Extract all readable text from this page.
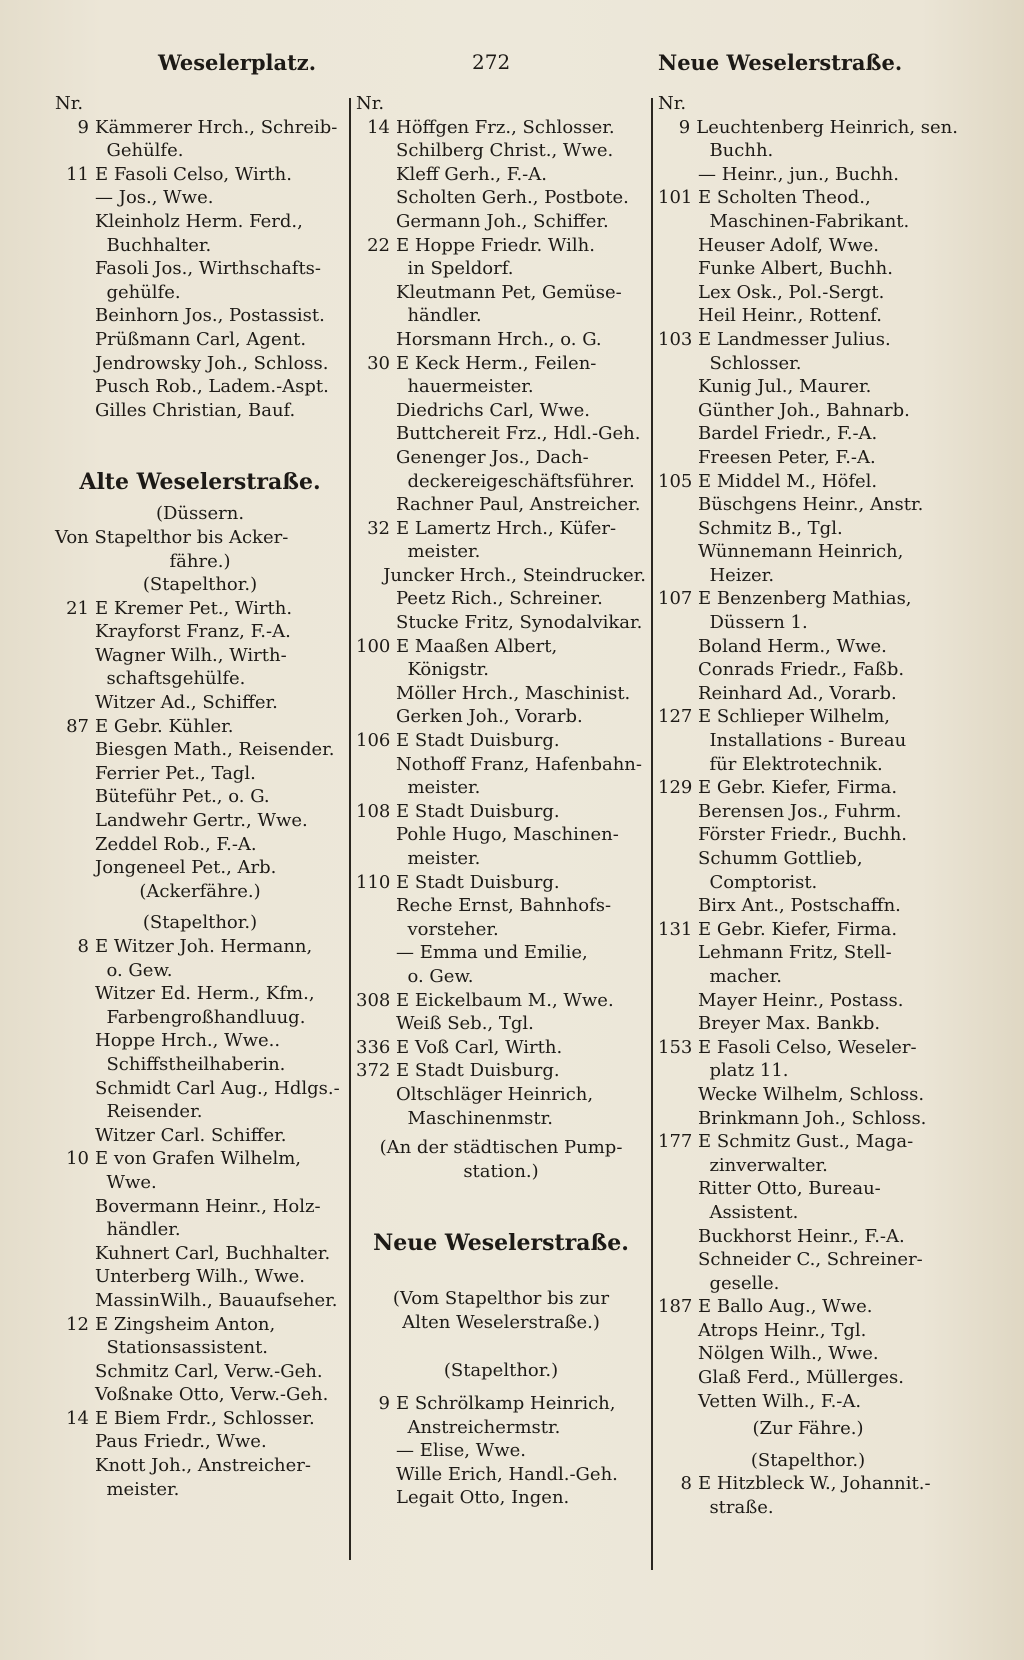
Weselerplatz.	272	Neue Weselerstraße.
Nr.
9 Kämmerer Hrch., Schreib-
Gehülfe.
11 E Fasoli Celso, Wirth.
— Jos., Wwe.
Kleinholz Herm. Ferd.,
Buchhalter.
Fasoli Jos., Wirthschafts-
gehülfe.
Beinhorn Jos., Postassist.
Prüßmann Carl, Agent.
Jendrowsky Joh., Schloss.
Pusch Rob., Ladem.-Aspt.
Gilles Christian, Bauf.
Alte Weselerstraße.
(Düssern.
Von Stapelthor bis Acker-
fähre.)
(Stapelthor.)
21 E Kremer Pet., Wirth.
Krayforst Franz, F.-A.
Wagner Wilh., Wirth-
schaftsgehülfe.
Witzer Ad., Schiffer.
87 E Gebr. Kühler.
Biesgen Math., Reisender.
Ferrier Pet., Tagl.
Büteführ Pet., o. G.
Landwehr Gertr., Wwe.
Zeddel Rob., F.-A.
Jongeneel Pet., Arb.
(Ackerfähre.)
(Stapelthor.)
8 E Witzer Joh. Hermann,
o. Gew.
Witzer Ed. Herm., Kfm.,
Farbengroßhandluug.
Hoppe Hrch., Wwe..
Schiffstheilhaberin.
Schmidt Carl Aug., Hdlgs.-
Reisender.
Witzer Carl. Schiffer.
10 E von Grafen Wilhelm,
Wwe.
Bovermann Heinr., Holz-
händler.
Kuhnert Carl, Buchhalter.
Unterberg Wilh., Wwe.
MassinWilh., Bauaufseher.
12 E Zingsheim Anton,
Stationsassistent.
Schmitz Carl, Verw.-Geh.
Voßnake Otto, Verw.-Geh.
14 E Biem Frdr., Schlosser.
Paus Friedr., Wwe.
Knott Joh., Anstreicher-
meister.
Nr.
14 Höffgen Frz., Schlosser.
Schilberg Christ., Wwe.
Kleff Gerh., F.-A.
Scholten Gerh., Postbote.
Germann Joh., Schiffer.
22 E Hoppe Friedr. Wilh.
in Speldorf.
Kleutmann Pet, Gemüse-
händler.
Horsmann Hrch., o. G.
30 E Keck Herm., Feilen-
hauermeister.
Diedrichs Carl, Wwe.
Buttchereit Frz., Hdl.-Geh.
Genenger Jos., Dach-
deckereigeschäftsführer.
Rachner Paul, Anstreicher.
32 E Lamertz Hrch., Küfer-
meister.
Juncker Hrch., Steindrucker.
Peetz Rich., Schreiner.
Stucke Fritz, Synodalvikar.
100 E Maaßen Albert,
Königstr.
Möller Hrch., Maschinist.
Gerken Joh., Vorarb.
106 E Stadt Duisburg.
Nothoff Franz, Hafenbahn-
meister.
108 E Stadt Duisburg.
Pohle Hugo, Maschinen-
meister.
110 E Stadt Duisburg.
Reche Ernst, Bahnhofs-
vorsteher.
— Emma und Emilie,
o. Gew.
308 E Eickelbaum M., Wwe.
Weiß Seb., Tgl.
336 E Voß Carl, Wirth.
372 E Stadt Duisburg.
Oltschläger Heinrich,
Maschinenmstr.
(An der städtischen Pump-
station.)
Neue Weselerstraße.
(Vom Stapelthor bis zur
Alten Weselerstraße.)
(Stapelthor.)
9 E Schrölkamp Heinrich,
Anstreichermstr.
— Elise, Wwe.
Wille Erich, Handl.-Geh.
Legait Otto, Ingen.
Nr.
9 Leuchtenberg Heinrich, sen.
Buchh.
— Heinr., jun., Buchh.
101 E Scholten Theod.,
Maschinen-Fabrikant.
Heuser Adolf, Wwe.
Funke Albert, Buchh.
Lex Osk., Pol.-Sergt.
Heil Heinr., Rottenf.
103 E Landmesser Julius.
Schlosser.
Kunig Jul., Maurer.
Günther Joh., Bahnarb.
Bardel Friedr., F.-A.
Freesen Peter, F.-A.
105 E Middel M., Höfel.
Büschgens Heinr., Anstr.
Schmitz B., Tgl.
Wünnemann Heinrich,
Heizer.
107 E Benzenberg Mathias,
Düssern 1.
Boland Herm., Wwe.
Conrads Friedr., Faßb.
Reinhard Ad., Vorarb.
127 E Schlieper Wilhelm,
Installations - Bureau
für Elektrotechnik.
129 E Gebr. Kiefer, Firma.
Berensen Jos., Fuhrm.
Förster Friedr., Buchh.
Schumm Gottlieb,
Comptorist.
Birx Ant., Postschaffn.
131 E Gebr. Kiefer, Firma.
Lehmann Fritz, Stell-
macher.
Mayer Heinr., Postass.
Breyer Max. Bankb.
153 E Fasoli Celso, Weseler-
platz 11.
Wecke Wilhelm, Schloss.
Brinkmann Joh., Schloss.
177 E Schmitz Gust., Maga-
zinverwalter.
Ritter Otto, Bureau-
Assistent.
Buckhorst Heinr., F.-A.
Schneider C., Schreiner-
geselle.
187 E Ballo Aug., Wwe.
Atrops Heinr., Tgl.
Nölgen Wilh., Wwe.
Glaß Ferd., Müllerges.
Vetten Wilh., F.-A.
(Zur Fähre.)
(Stapelthor.)
8 E Hitzbleck W., Johannit.-
straße.
